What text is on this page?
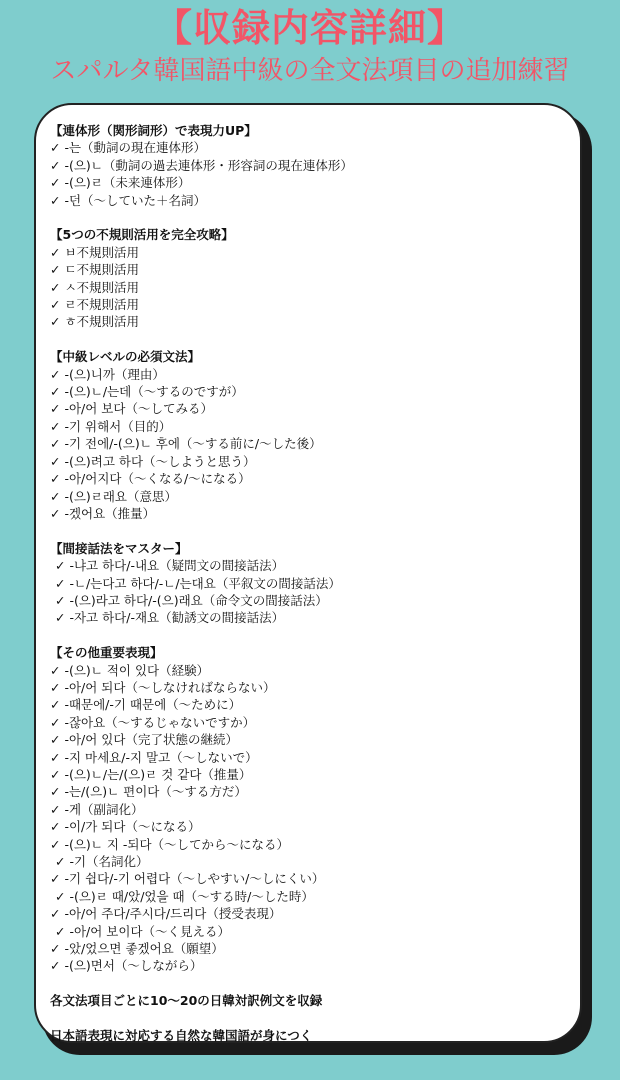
【収録内容詳細】
スパルタ韓国語中級の全文法項目の追加練習
【連体形（関形詞形）で表現力UP】
✓ -는（動詞の現在連体形）
✓ -(으)ㄴ（動詞の過去連体形・形容詞の現在連体形）
✓ -(으)ㄹ（未来連体形）
✓ -던（〜していた＋名詞）
【5つの不規則活用を完全攻略】
✓ ㅂ不規則活用
✓ ㄷ不規則活用
✓ ㅅ不規則活用
✓ ㄹ不規則活用
✓ ㅎ不規則活用
【中級レベルの必須文法】
✓ -(으)니까（理由）
✓ -(으)ㄴ/는데（〜するのですが）
✓ -아/어 보다（〜してみる）
✓ -기 위해서（目的）
✓ -기 전에/-(으)ㄴ 후에（〜する前に/〜した後）
✓ -(으)려고 하다（〜しようと思う）
✓ -아/어지다（〜くなる/〜になる）
✓ -(으)ㄹ래요（意思）
✓ -겠어요（推量）
【間接話法をマスター】
✓ -냐고 하다/-내요（疑問文の間接話法）
✓ -ㄴ/는다고 하다/-ㄴ/는대요（平叙文の間接話法）
✓ -(으)라고 하다/-(으)래요（命令文の間接話法）
✓ -자고 하다/-재요（勧誘文の間接話法）
【その他重要表現】
✓ -(으)ㄴ 적이 있다（経験）
✓ -아/어 되다（〜しなければならない）
✓ -때문에/-기 때문에（〜ために）
✓ -잖아요（〜するじゃないですか）
✓ -아/어 있다（完了状態の継続）
✓ -지 마세요/-지 말고（〜しないで）
✓ -(으)ㄴ/는/(으)ㄹ 것 같다（推量）
✓ -는/(으)ㄴ 편이다（〜する方だ）
✓ -게（副詞化）
✓ -이/가 되다（〜になる）
✓ -(으)ㄴ 지 -되다（〜してから〜になる）
✓ -기（名詞化）
✓ -기 쉽다/-기 어렵다（〜しやすい/〜しにくい）
✓ -(으)ㄹ 때/았/었을 때（〜する時/〜した時）
✓ -아/어 주다/주시다/드리다（授受表現）
✓ -아/어 보이다（〜く見える）
✓ -았/었으면 좋겠어요（願望）
✓ -(으)면서（〜しながら）
各文法項目ごとに10〜20の日韓対訳例文を収録
日本語表現に対応する自然な韓国語が身につく
